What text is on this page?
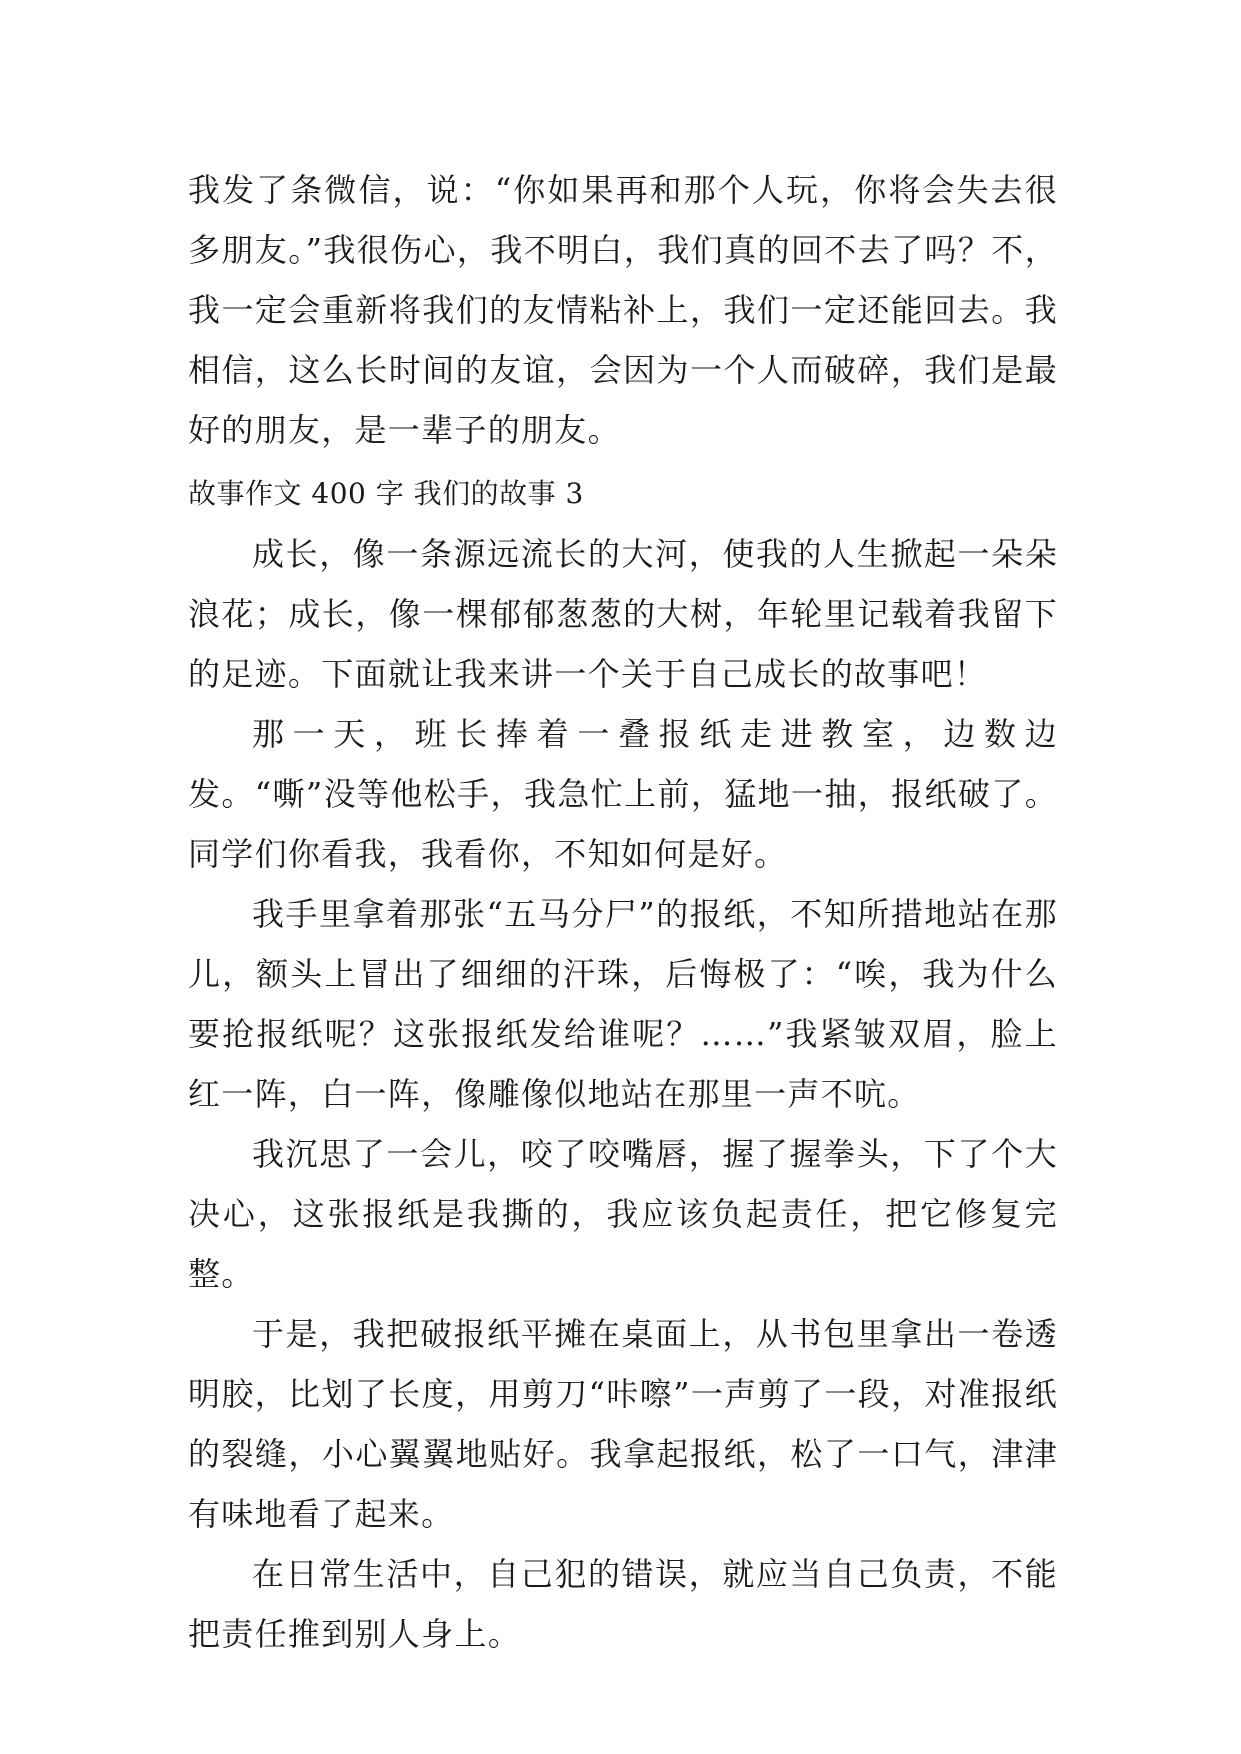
我发了条微信，说：“你如果再和那个人玩，你将会失去很多朋友。”我很伤心，我不明白，我们真的回不去了吗？不，我一定会重新将我们的友情粘补上，我们一定还能回去。我相信，这么长时间的友谊，会因为一个人而破碎，我们是最好的朋友，是一辈子的朋友。

故事作文 400 字 我们的故事 3

成长，像一条源远流长的大河，使我的人生掀起一朵朵浪花；成长，像一棵郁郁葱葱的大树，年轮里记载着我留下的足迹。下面就让我来讲一个关于自己成长的故事吧！

那一天，班长捧着一叠报纸走进教室，边数边发。“嘶”没等他松手，我急忙上前，猛地一抽，报纸破了。同学们你看我，我看你，不知如何是好。

我手里拿着那张“五马分尸”的报纸，不知所措地站在那儿，额头上冒出了细细的汗珠，后悔极了：“唉，我为什么要抢报纸呢？这张报纸发给谁呢？……”我紧皱双眉，脸上红一阵，白一阵，像雕像似地站在那里一声不吭。

我沉思了一会儿，咬了咬嘴唇，握了握拳头，下了个大决心，这张报纸是我撕的，我应该负起责任，把它修复完整。

于是，我把破报纸平摊在桌面上，从书包里拿出一卷透明胶，比划了长度，用剪刀“咔嚓”一声剪了一段，对准报纸的裂缝，小心翼翼地贴好。我拿起报纸，松了一口气，津津有味地看了起来。

在日常生活中，自己犯的错误，就应当自己负责，不能把责任推到别人身上。
